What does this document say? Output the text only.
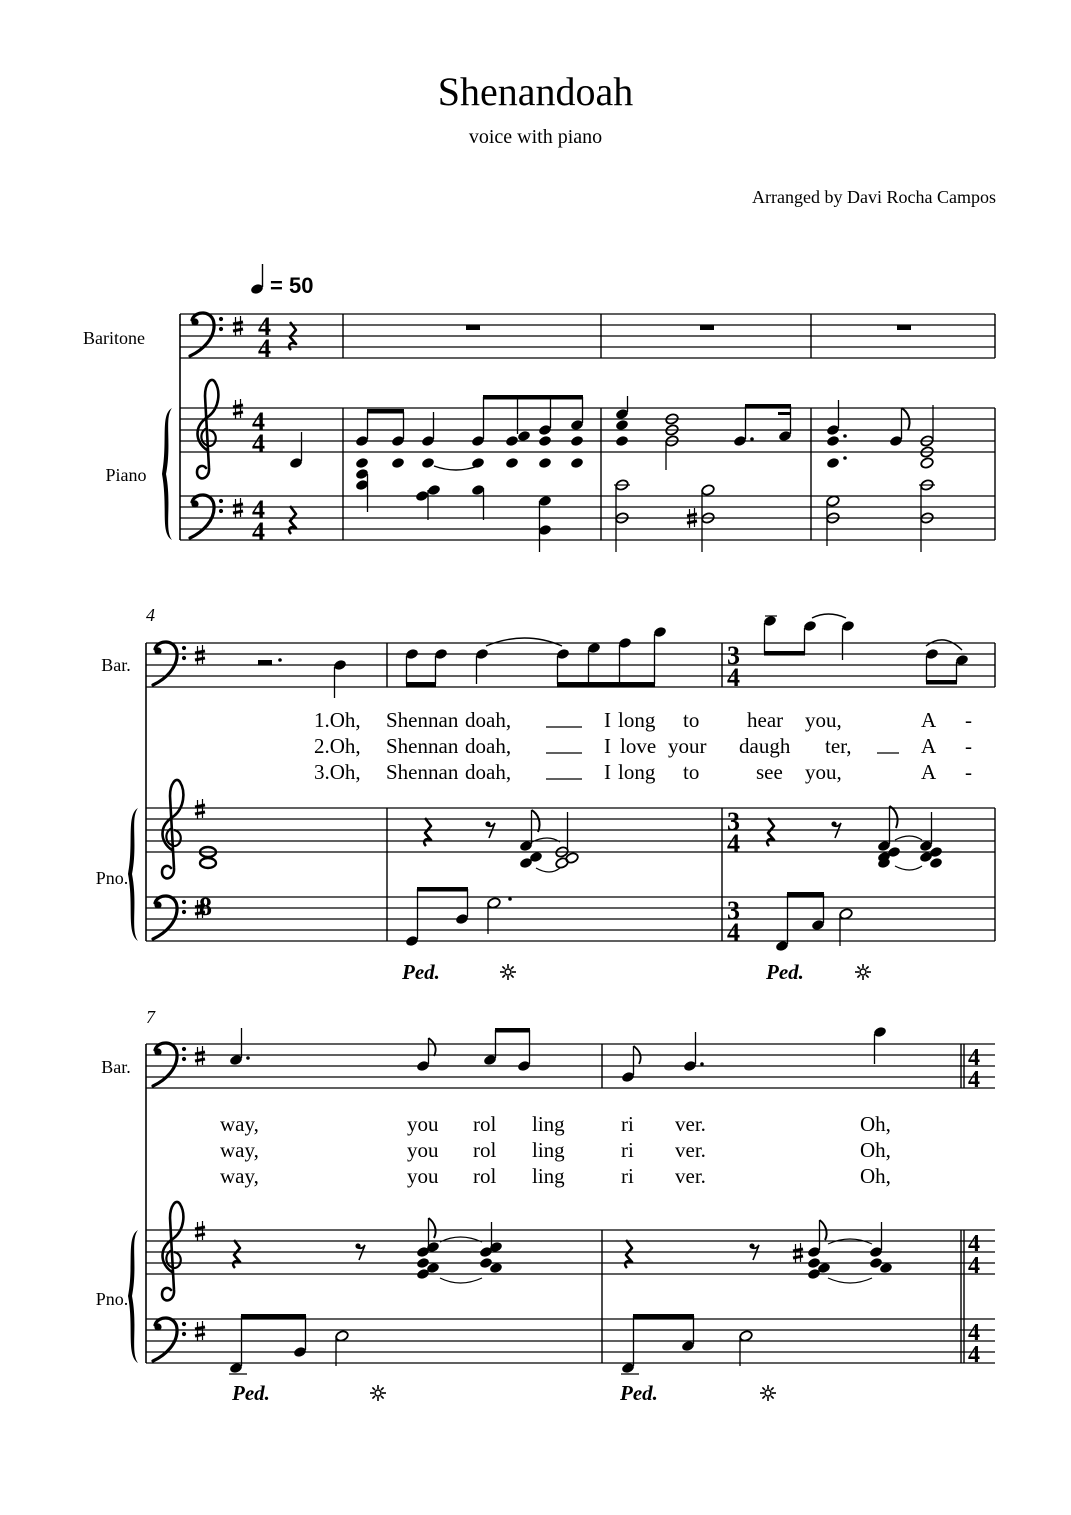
Shenandoah
voice with piano
Arranged by Davi Rocha Campos
= 50
Baritone
Piano
4
4
4
4
4
4
4
Bar.
Pno.
3
4
1.Oh, Shen nan doah,	I long to hear you,	A -
2.Oh, Shen nan doah,	I love your daugh ter,	A -
3.Oh, Shen nan doah,	I long to	see you,	A -
3
4
3
4
8
Ped.	Ped.
7
Bar.
Pno.
4
4
way,	you rol ling	ri ver.	Oh,
way,	you rol ling	ri ver.	Oh,
way,	you rol ling	ri ver.	Oh,
4
4
4
4
Ped.	Ped.
